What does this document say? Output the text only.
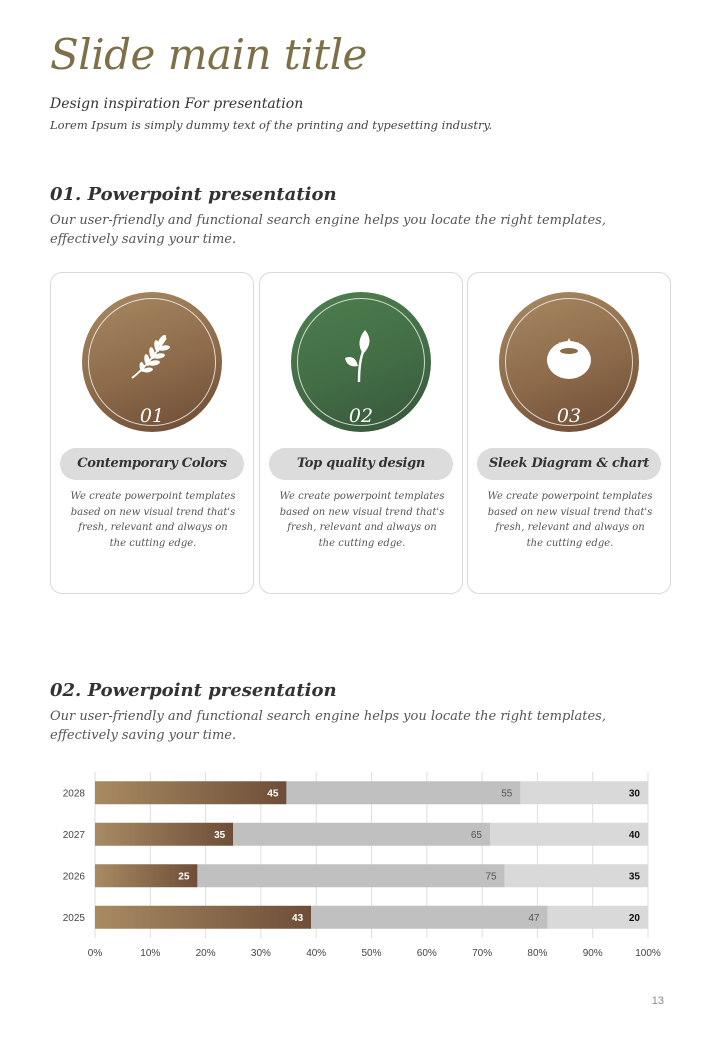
Slide main title
Design inspiration For presentation
Lorem Ipsum is simply dummy text of the printing and typesetting industry.
01. Powerpoint presentation
Our user-friendly and functional search engine helps you locate the right templates, effectively saving your time.
01
Contemporary Colors
We create powerpoint templates based on new visual trend that's fresh, relevant and always on the cutting edge.
02
Top quality design
We create powerpoint templates based on new visual trend that's fresh, relevant and always on the cutting edge.
03
Sleek Diagram & chart
We create powerpoint templates based on new visual trend that's fresh, relevant and always on the cutting edge.
02. Powerpoint presentation
Our user-friendly and functional search engine helps you locate the right templates, effectively saving your time.
0%	10%	20%	30%	40%	50%	60%	70%	80%	90%	100%
2028	45	55	30
2027	35	65	40
2026	25	75	35
2025	43	47	20
13
